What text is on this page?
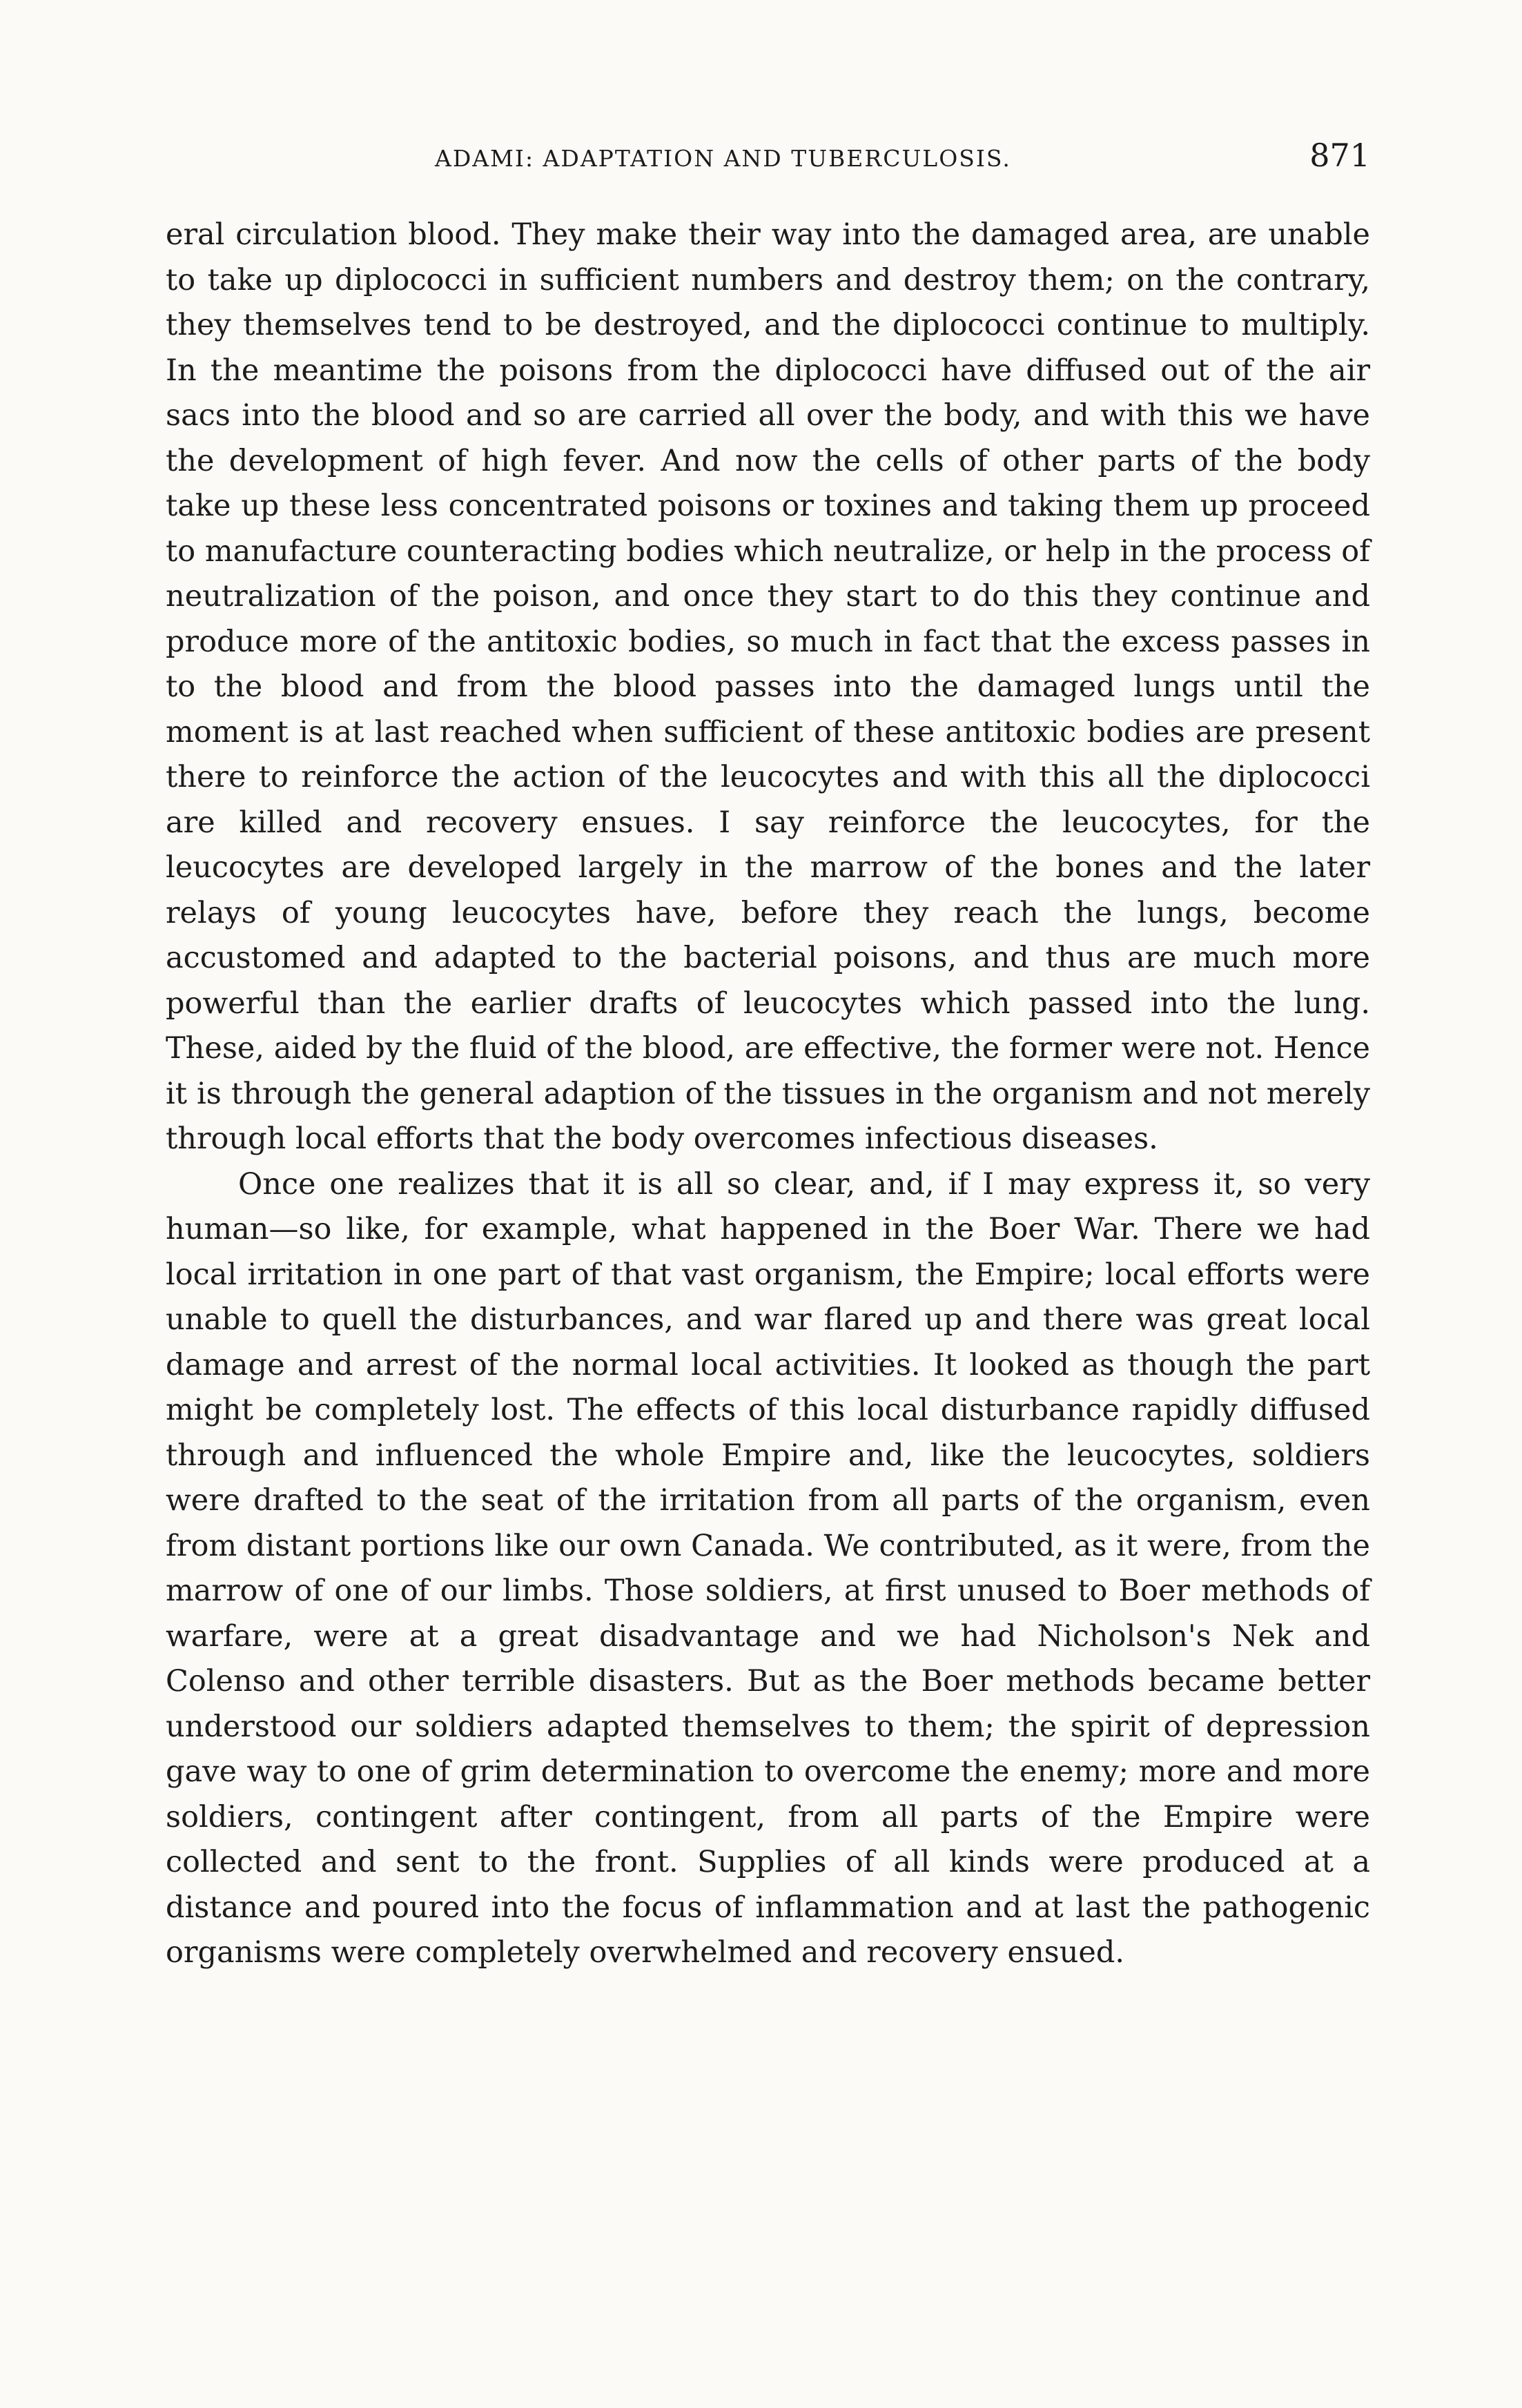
ADAMI: ADAPTATION AND TUBERCULOSIS.	871

eral circulation blood. They make their way into the damaged area, are unable to take up diplococci in sufficient numbers and destroy them; on the contrary, they themselves tend to be destroyed, and the diplococci continue to multiply. In the meantime the poisons from the diplococci have diffused out of the air sacs into the blood and so are carried all over the body, and with this we have the development of high fever. And now the cells of other parts of the body take up these less concentrated poisons or toxines and taking them up proceed to manufacture counteracting bodies which neutralize, or help in the process of neutralization of the poison, and once they start to do this they continue and produce more of the antitoxic bodies, so much in fact that the excess passes in to the blood and from the blood passes into the damaged lungs until the moment is at last reached when sufficient of these antitoxic bodies are present there to reinforce the action of the leucocytes and with this all the diplococci are killed and recovery ensues. I say reinforce the leucocytes, for the leucocytes are developed largely in the marrow of the bones and the later relays of young leucocytes have, before they reach the lungs, become accustomed and adapted to the bacterial poisons, and thus are much more powerful than the earlier drafts of leucocytes which passed into the lung. These, aided by the fluid of the blood, are effective, the former were not. Hence it is through the general adaption of the tissues in the organism and not merely through local efforts that the body overcomes infectious diseases.

Once one realizes that it is all so clear, and, if I may express it, so very human—so like, for example, what happened in the Boer War. There we had local irritation in one part of that vast organism, the Empire; local efforts were unable to quell the disturbances, and war flared up and there was great local damage and arrest of the normal local activities. It looked as though the part might be completely lost. The effects of this local disturbance rapidly diffused through and influenced the whole Empire and, like the leucocytes, soldiers were drafted to the seat of the irritation from all parts of the organism, even from distant portions like our own Canada. We contributed, as it were, from the marrow of one of our limbs. Those soldiers, at first unused to Boer methods of warfare, were at a great disadvantage and we had Nicholson's Nek and Colenso and other terrible disasters. But as the Boer methods became better understood our soldiers adapted themselves to them; the spirit of depression gave way to one of grim determination to overcome the enemy; more and more soldiers, contingent after contingent, from all parts of the Empire were collected and sent to the front. Supplies of all kinds were produced at a distance and poured into the focus of inflammation and at last the pathogenic organisms were completely overwhelmed and recovery ensued.
